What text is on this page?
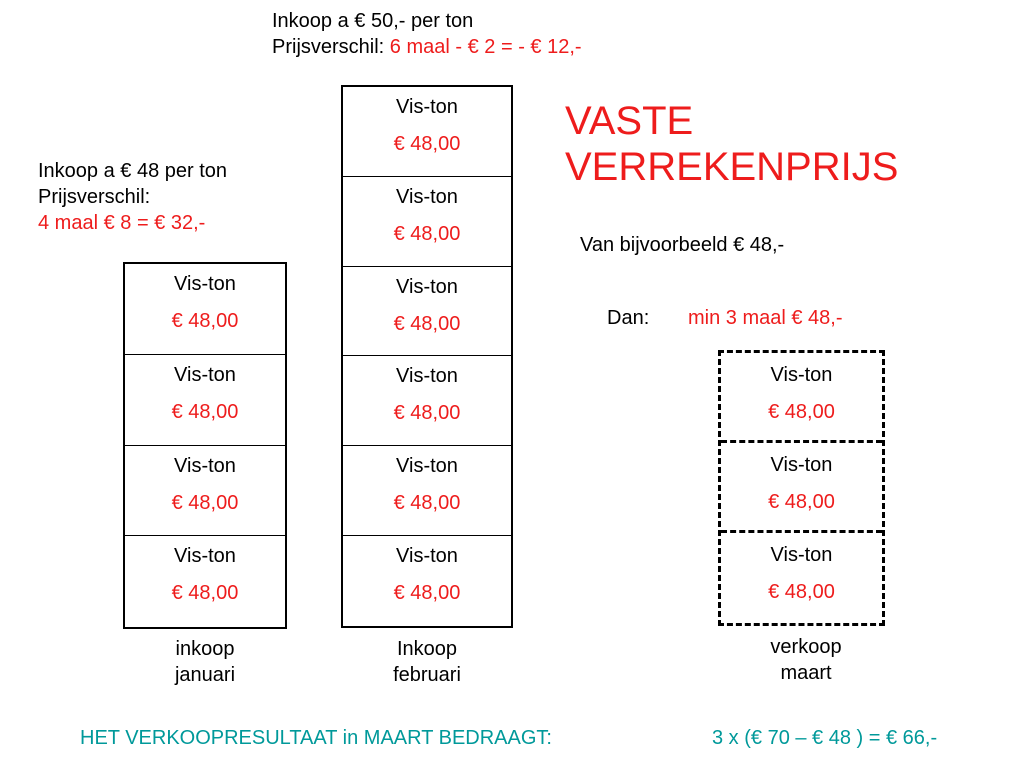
Inkoop a € 50,- per ton
Prijsverschil: 6 maal - € 2 = - € 12,-
Inkoop a € 48 per ton
Prijsverschil:
4 maal € 8 = € 32,-
VASTE
VERREKENPRIJS
Van bijvoorbeeld € 48,-
Dan: min 3 maal € 48,-
Vis-ton
€ 48,00
Vis-ton
€ 48,00
Vis-ton
€ 48,00
Vis-ton
€ 48,00
inkoop
januari
Vis-ton
€ 48,00
Vis-ton
€ 48,00
Vis-ton
€ 48,00
Vis-ton
€ 48,00
Vis-ton
€ 48,00
Vis-ton
€ 48,00
Inkoop
februari
Vis-ton
€ 48,00
Vis-ton
€ 48,00
Vis-ton
€ 48,00
verkoop
maart
HET VERKOOPRESULTAAT in MAART BEDRAAGT:	3 x (€ 70 – € 48 ) = € 66,-
